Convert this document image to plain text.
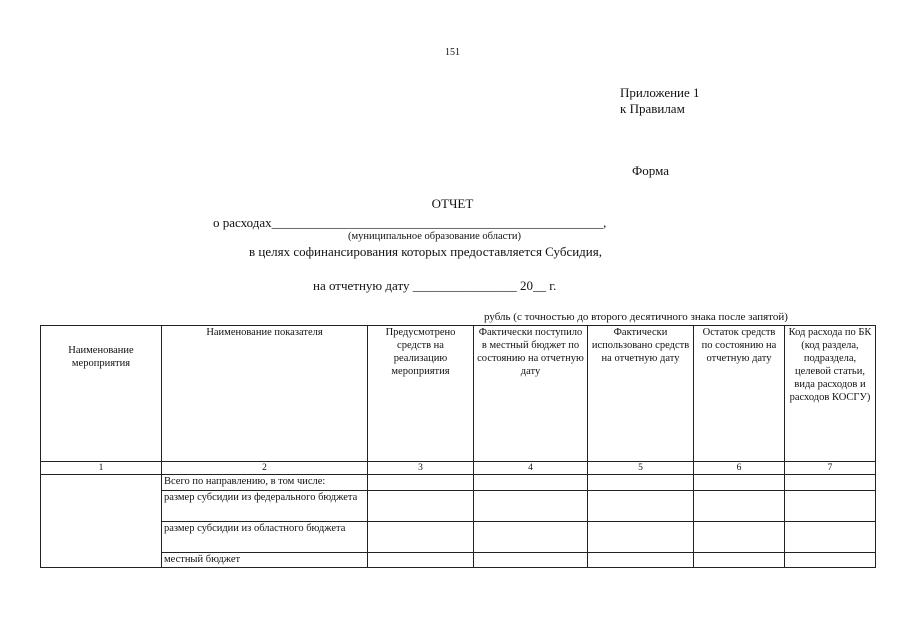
151
Приложение 1
к Правилам
Форма
ОТЧЕТ
о расходах___________________________________________________,
(муниципальное образование области)
в целях софинансирования которых предоставляется Субсидия,
на отчетную дату ________________ 20__ г.
рубль (с точностью до второго десятичного знака после запятой)
Наименование мероприятия	Наименование показателя	Предусмотрено средств на реализацию мероприятия	Фактически поступило в местный бюджет по состоянию на отчетную дату	Фактически использовано средств на отчетную дату	Остаток средств по состоянию на отчетную дату	Код расхода по БК (код раздела, подраздела, целевой статьи, вида расходов и расходов КОСГУ)
1	2	3	4	5	6	7
	Всего по направлению, в том числе:					
	размер субсидии из федерального бюджета					
	размер субсидии из областного бюджета					
	местный бюджет					
